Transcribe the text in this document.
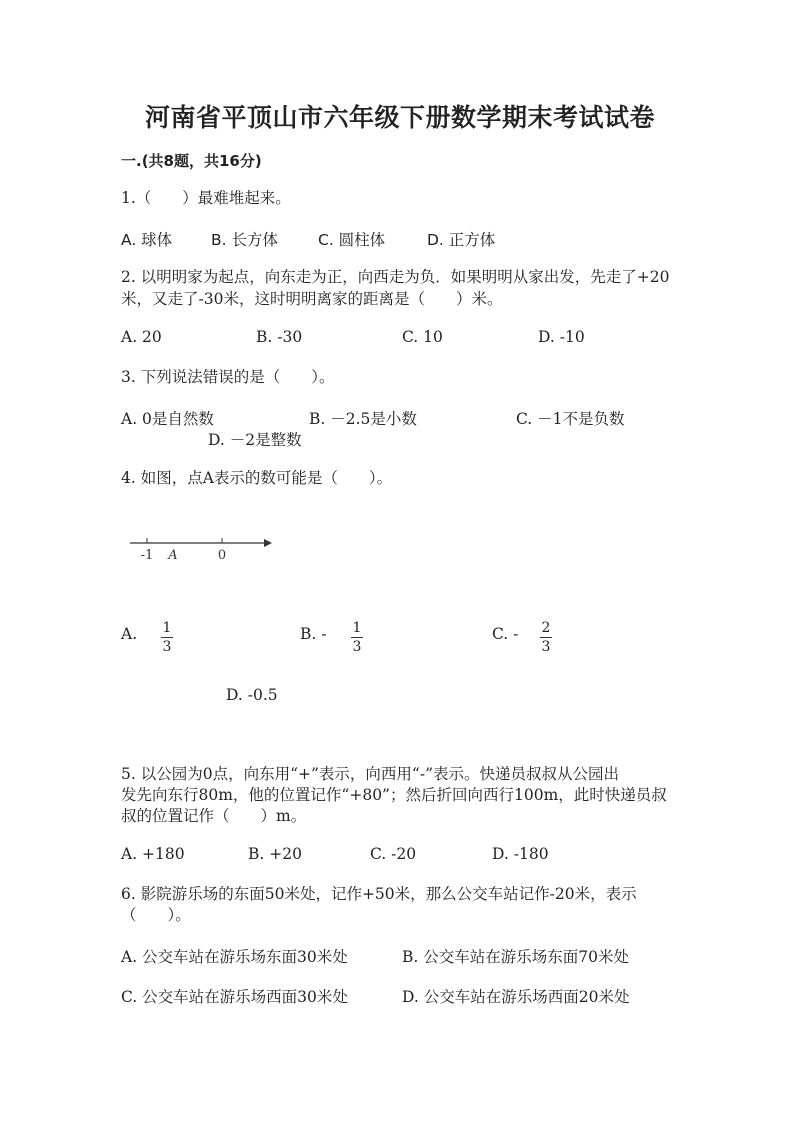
河南省平顶山市六年级下册数学期末考试试卷
一.(共8题，共16分)
1.（　　）最难堆起来。
A. 球体	B. 长方体	C. 圆柱体	D. 正方体
2. 以明明家为起点，向东走为正，向西走为负．如果明明从家出发，先走了+20
米，又走了-30米，这时明明离家的距离是（　　）米。
A. 20	B. -30	C. 10	D. -10
3. 下列说法错误的是（　　）。
A. 0是自然数	B. －2.5是小数	C. －1不是负数
D. －2是整数
4. 如图，点A表示的数可能是（　　）。
-1 A	0
A. 1
3
B. - 1
3
C. - 2
3
D. -0.5
5. 以公园为0点，向东用“+”表示，向西用“-”表示。快递员叔叔从公园出
发先向东行80m，他的位置记作“+80”；然后折回向西行100m，此时快递员叔
叔的位置记作（　　）m。
A. +180	B. +20	C. -20	D. -180
6. 影院游乐场的东面50米处，记作+50米，那么公交车站记作-20米，表示
（　　）。
A. 公交车站在游乐场东面30米处	B. 公交车站在游乐场东面70米处
C. 公交车站在游乐场西面30米处	D. 公交车站在游乐场西面20米处
